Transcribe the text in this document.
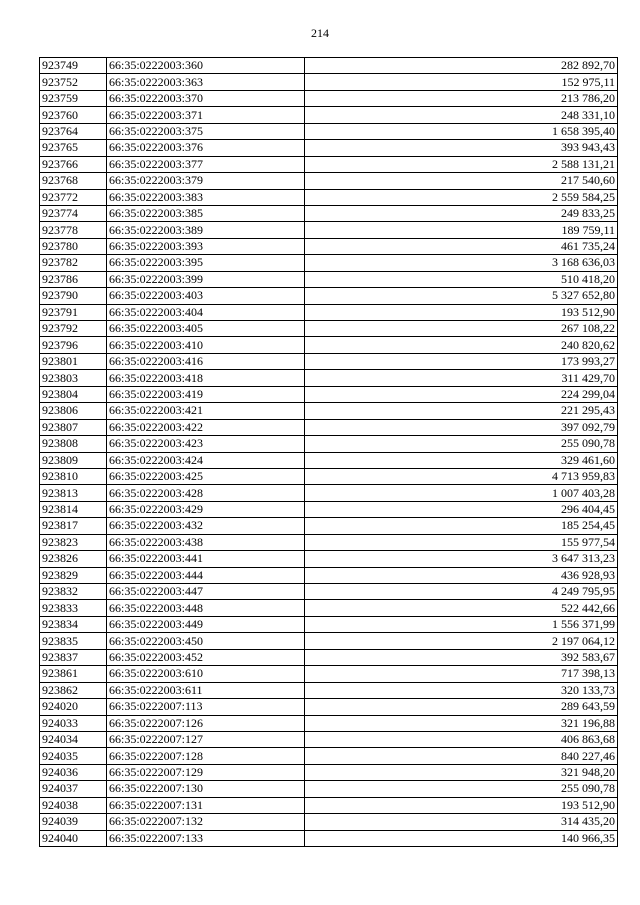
214
923749	66:35:0222003:360	282 892,70
923752	66:35:0222003:363	152 975,11
923759	66:35:0222003:370	213 786,20
923760	66:35:0222003:371	248 331,10
923764	66:35:0222003:375	1 658 395,40
923765	66:35:0222003:376	393 943,43
923766	66:35:0222003:377	2 588 131,21
923768	66:35:0222003:379	217 540,60
923772	66:35:0222003:383	2 559 584,25
923774	66:35:0222003:385	249 833,25
923778	66:35:0222003:389	189 759,11
923780	66:35:0222003:393	461 735,24
923782	66:35:0222003:395	3 168 636,03
923786	66:35:0222003:399	510 418,20
923790	66:35:0222003:403	5 327 652,80
923791	66:35:0222003:404	193 512,90
923792	66:35:0222003:405	267 108,22
923796	66:35:0222003:410	240 820,62
923801	66:35:0222003:416	173 993,27
923803	66:35:0222003:418	311 429,70
923804	66:35:0222003:419	224 299,04
923806	66:35:0222003:421	221 295,43
923807	66:35:0222003:422	397 092,79
923808	66:35:0222003:423	255 090,78
923809	66:35:0222003:424	329 461,60
923810	66:35:0222003:425	4 713 959,83
923813	66:35:0222003:428	1 007 403,28
923814	66:35:0222003:429	296 404,45
923817	66:35:0222003:432	185 254,45
923823	66:35:0222003:438	155 977,54
923826	66:35:0222003:441	3 647 313,23
923829	66:35:0222003:444	436 928,93
923832	66:35:0222003:447	4 249 795,95
923833	66:35:0222003:448	522 442,66
923834	66:35:0222003:449	1 556 371,99
923835	66:35:0222003:450	2 197 064,12
923837	66:35:0222003:452	392 583,67
923861	66:35:0222003:610	717 398,13
923862	66:35:0222003:611	320 133,73
924020	66:35:0222007:113	289 643,59
924033	66:35:0222007:126	321 196,88
924034	66:35:0222007:127	406 863,68
924035	66:35:0222007:128	840 227,46
924036	66:35:0222007:129	321 948,20
924037	66:35:0222007:130	255 090,78
924038	66:35:0222007:131	193 512,90
924039	66:35:0222007:132	314 435,20
924040	66:35:0222007:133	140 966,35
